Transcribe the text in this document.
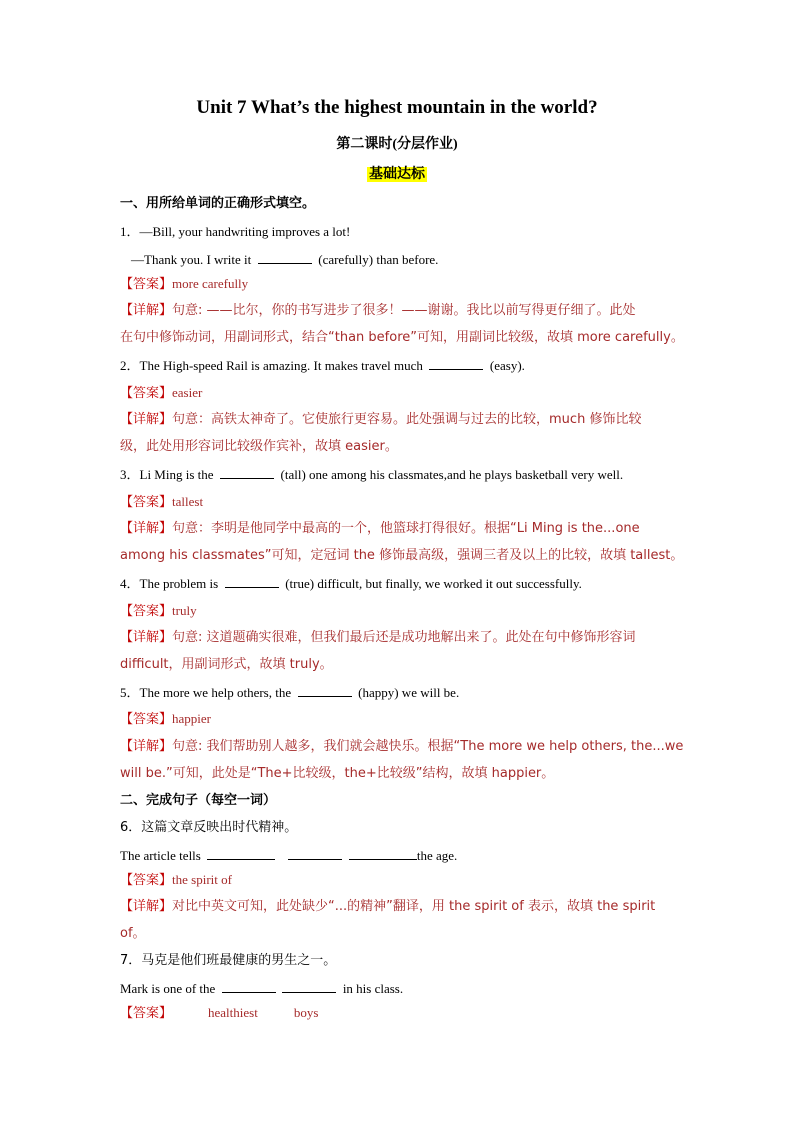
Unit 7 What’s the highest mountain in the world?
第二课时(分层作业)
基础达标
一、用所给单词的正确形式填空。
1．—Bill, your handwriting improves a lot!
—Thank you. I write it	(carefully) than before.
【答案】more carefully
【详解】句意: ——比尔，你的书写进步了很多！——谢谢。我比以前写得更仔细了。此处
在句中修饰动词，用副词形式，结合“than before”可知，用副词比较级，故填 more carefully。
2．The High-speed Rail is amazing. It makes travel much	(easy).
【答案】easier
【详解】句意：高铁太神奇了。它使旅行更容易。此处强调与过去的比较，much 修饰比较
级，此处用形容词比较级作宾补，故填 easier。
3．Li Ming is the	(tall) one among his classmates,and he plays basketball very well.
【答案】tallest
【详解】句意：李明是他同学中最高的一个，他篮球打得很好。根据“Li Ming is the...one
among his classmates”可知，定冠词 the 修饰最高级，强调三者及以上的比较，故填 tallest。
4．The problem is	(true) difficult, but finally, we worked it out successfully.
【答案】truly
【详解】句意: 这道题确实很难，但我们最后还是成功地解出来了。此处在句中修饰形容词
difficult，用副词形式，故填 truly。
5．The more we help others, the	(happy) we will be.
【答案】happier
【详解】句意: 我们帮助别人越多，我们就会越快乐。根据“The more we help others, the...we
will be.”可知，此处是“The+比较级，the+比较级”结构，故填 happier。
二、完成句子（每空一词）
6．这篇文章反映出时代精神。
The article tells	the age.
【答案】the spirit of
【详解】对比中英文可知，此处缺少“...的精神”翻译，用 the spirit of 表示，故填 the spirit
of。
7．马克是他们班最健康的男生之一。
Mark is one of the	in his class.
【答案】	healthiest	boys
